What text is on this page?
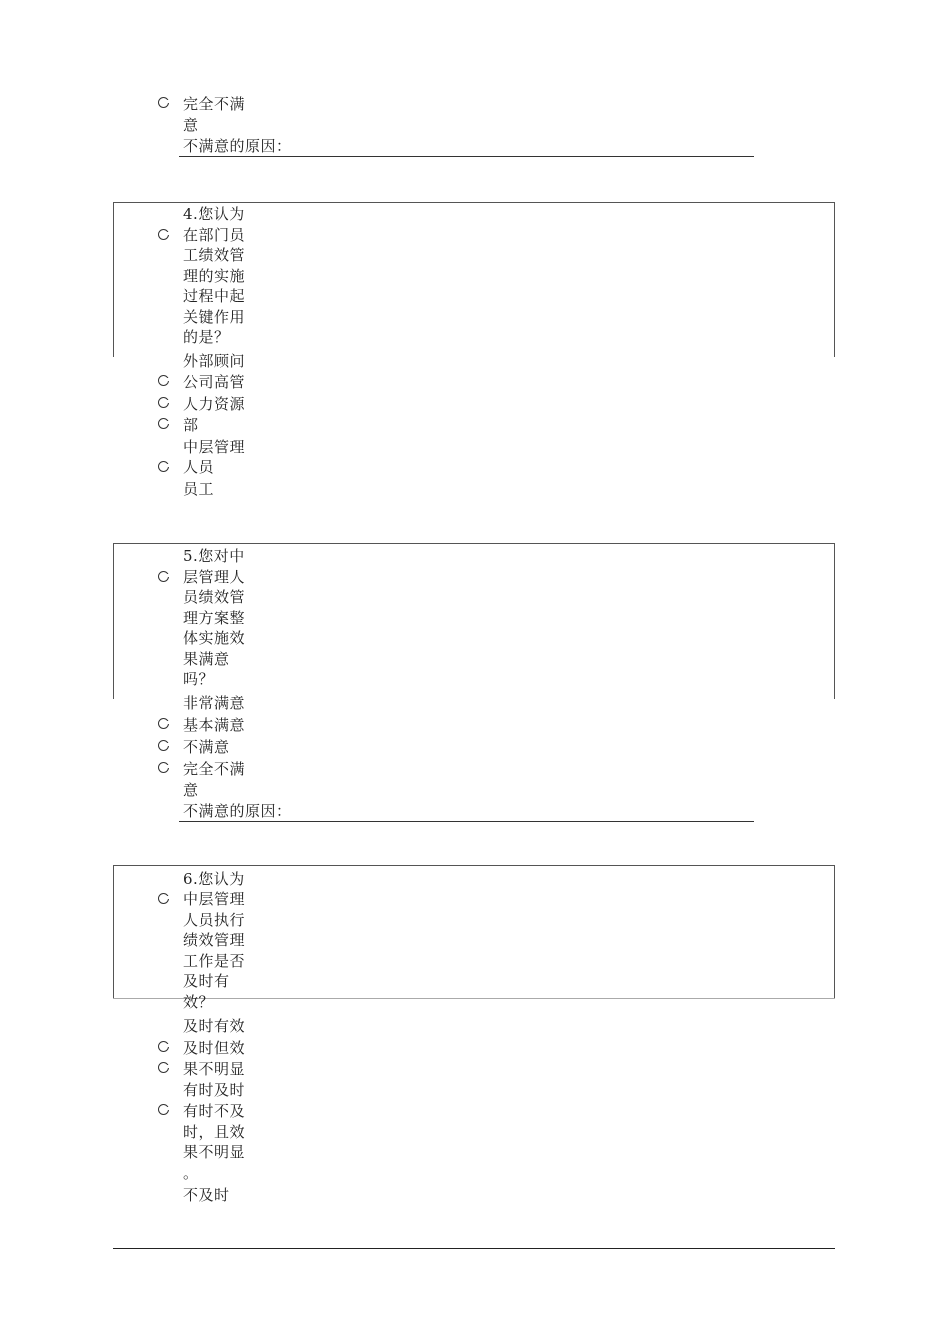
完全不满
意
不满意的原因：
4.您认为
在部门员
工绩效管
理的实施
过程中起
关键作用
的是？
外部顾问
公司高管
人力资源
部
中层管理
人员
员工
5.您对中
层管理人
员绩效管
理方案整
体实施效
果满意
吗？
非常满意
基本满意
不满意
完全不满
意
不满意的原因：
6.您认为
中层管理
人员执行
绩效管理
工作是否
及时有
效？
及时有效
及时但效
果不明显
有时及时
有时不及
时，且效
果不明显
。
不及时
